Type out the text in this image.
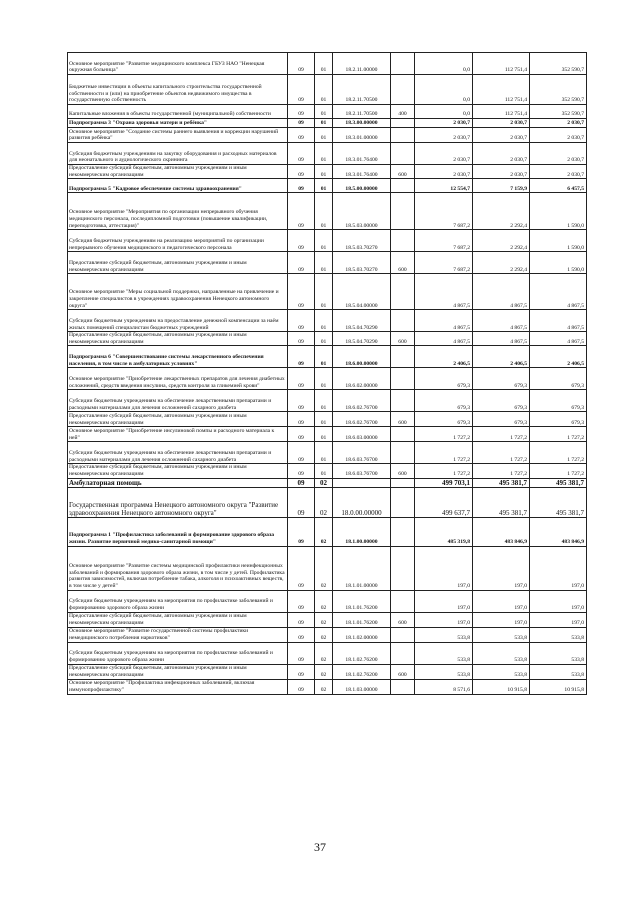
Основное мероприятие "Развитие медицинского комплекса ГБУЗ НАО "Ненецкая окружная больница"	09	01	18.2.11.00000		0,0	112 751,4	352 590,7
Бюджетные инвестиции в объекты капитального строительства государственной собственности и (или) на приобретение объектов недвижимого имущества в государственную собственность	09	01	18.2.11.70500		0,0	112 751,4	352 590,7
Капитальные вложения в объекты государственной (муниципальной) собственности	09	01	18.2.11.70500	400	0,0	112 751,4	352 590,7
Подпрограмма 3 "Охрана здоровья матери и ребёнка"	09	01	18.3.00.00000		2 030,7	2 030,7	2 030,7
Основное мероприятие "Создание системы раннего выявления и коррекции нарушений развития ребёнка"	09	01	18.3.01.00000		2 030,7	2 030,7	2 030,7
Субсидия бюджетным учреждениям на закупку оборудования и расходных материалов для неонатального и аудиологического скрининга	09	01	18.3.01.76400		2 030,7	2 030,7	2 030,7
Предоставление субсидий бюджетным, автономным учреждениям и иным некоммерческим организациям	09	01	18.3.01.76400	600	2 030,7	2 030,7	2 030,7
Подпрограмма 5 "Кадровое обеспечение системы здравоохранения"	09	01	18.5.00.00000		12 554,7	7 159,9	6 457,5
Основное мероприятие "Мероприятия по организации непрерывного обучения медицинского персонала, последипломной подготовки (повышение квалификации, переподготовка, аттестация)"	09	01	18.5.03.00000		7 687,2	2 292,4	1 590,0
Субсидия бюджетным учреждениям на реализацию мероприятий по организации непрерывного обучения медицинского и педагогического персонала	09	01	18.5.03.70270		7 687,2	2 292,4	1 590,0
Предоставление субсидий бюджетным, автономным учреждениям и иным некоммерческим организациям	09	01	18.5.03.70270	600	7 687,2	2 292,4	1 590,0
Основное мероприятие "Меры социальной поддержки, направленные на привлечение и закрепление специалистов в учреждениях здравоохранения Ненецкого автономного округа"	09	01	18.5.04.00000		4 867,5	4 867,5	4 867,5
Субсидии бюджетным учреждениям на предоставление денежной компенсации за наём жилых помещений специалистам бюджетных учреждений	09	01	18.5.04.70290		4 867,5	4 867,5	4 867,5
Предоставление субсидий бюджетным, автономным учреждениям и иным некоммерческим организациям	09	01	18.5.04.70290	600	4 867,5	4 867,5	4 867,5
Подпрограмма 6 "Совершенствование системы лекарственного обеспечения населения, в том числе в амбулаторных условиях"	09	01	18.6.00.00000		2 406,5	2 406,5	2 406,5
Основное мероприятие "Приобретение лекарственных препаратов для лечения диабетных осложнений, средств введения инсулина, средств контроля за гликемией крови"	09	01	18.6.02.00000		679,3	679,3	679,3
Субсидии бюджетным учреждениям на обеспечение лекарственными препаратами и расходными материалами для лечения осложнений сахарного диабета	09	01	18.6.02.76700		679,3	679,3	679,3
Предоставление субсидий бюджетным, автономным учреждениям и иным некоммерческим организациям	09	01	18.6.02.76700	600	679,3	679,3	679,3
Основное мероприятие "Приобретение инсулиновой помпы и расходного материала к ней"	09	01	18.6.03.00000		1 727,2	1 727,2	1 727,2
Субсидии бюджетным учреждениям на обеспечение лекарственными препаратами и расходными материалами для лечения осложнений сахарного диабета	09	01	18.6.03.76700		1 727,2	1 727,2	1 727,2
Предоставление субсидий бюджетным, автономным учреждениям и иным некоммерческим организациям	09	01	18.6.03.76700	600	1 727,2	1 727,2	1 727,2
Амбулаторная помощь	09	02			499 703,1	495 381,7	495 381,7
Государственная программа Ненецкого автономного округа "Развитие здравоохранения Ненецкого автономного округа"	09	02	18.0.00.00000		499 637,7	495 381,7	495 381,7
Подпрограмма 1 "Профилактика заболеваний и формирование здорового образа жизни. Развитие первичной медико-санитарной помощи"	09	02	18.1.00.00000		485 319,8	483 846,9	483 846,9
Основное мероприятие "Развитие системы медицинской профилактики неинфекционных заболеваний и формирования здорового образа жизни, в том числе у детей. Профилактика развития зависимостей, включая потребление табака, алкоголя и психоактивных веществ, в том числе у детей"	09	02	18.1.01.00000		197,0	197,0	197,0
Субсидии бюджетным учреждениям на мероприятия по профилактике заболеваний и формированию здорового образа жизни	09	02	18.1.01.76200		197,0	197,0	197,0
Предоставление субсидий бюджетным, автономным учреждениям и иным некоммерческим организациям	09	02	18.1.01.76200	600	197,0	197,0	197,0
Основное мероприятие "Развитие государственной системы профилактики немедицинского потребления наркотиков"	09	02	18.1.02.00000		533,8	533,8	533,8
Субсидии бюджетным учреждениям на мероприятия по профилактике заболеваний и формированию здорового образа жизни	09	02	18.1.02.76200		533,8	533,8	533,8
Предоставление субсидий бюджетным, автономным учреждениям и иным некоммерческим организациям	09	02	18.1.02.76200	600	533,8	533,8	533,8
Основное мероприятие "Профилактика инфекционных заболеваний, включая иммунопрофилактику"	09	02	18.1.03.00000		8 571,6	10 915,8	10 915,8
37
